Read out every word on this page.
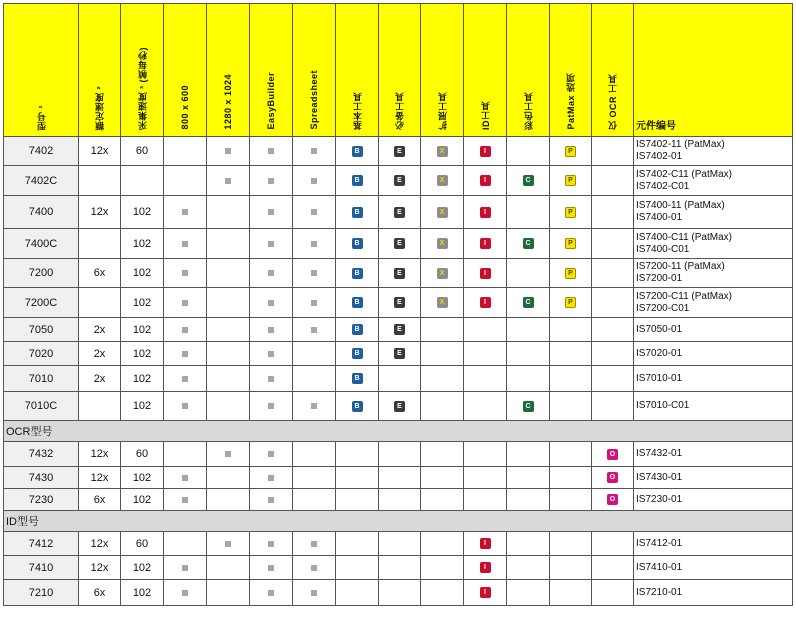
型号 ¹	额定速度 ²	采集速度 ³ (帧每秒)	800 x 600	1280 x 1024	EasyBuilder	Spreadsheet	基本工具	必备工具	扩展工具	ID工具	彩色工具	PatMax 选项	仅 OCR 工具	元件编号

7402	12x	60					B	E	X	I		P		IS7402-11 (PatMax)
IS7402-01

7402C							B	E	X	I	C	P		IS7402-C11 (PatMax)
IS7402-C01

7400	12x	102					B	E	X	I		P		IS7400-11 (PatMax)
IS7400-01

7400C		102					B	E	X	I	C	P		IS7400-C11 (PatMax)
IS7400-C01

7200	6x	102					B	E	X	I		P		IS7200-11 (PatMax)
IS7200-01

7200C		102					B	E	X	I	C	P		IS7200-C11 (PatMax)
IS7200-C01

7050	2x	102					B	E						IS7050-01

7020	2x	102					B	E						IS7020-01

7010	2x	102					B							IS7010-01

7010C		102					B	E			C			IS7010-C01

OCR型号														
7432	12x	60											O	IS7432-01

7430	12x	102											O	IS7430-01

7230	6x	102											O	IS7230-01

ID型号														
7412	12x	60								I				IS7412-01

7410	12x	102								I				IS7410-01

7210	6x	102								I				IS7210-01
